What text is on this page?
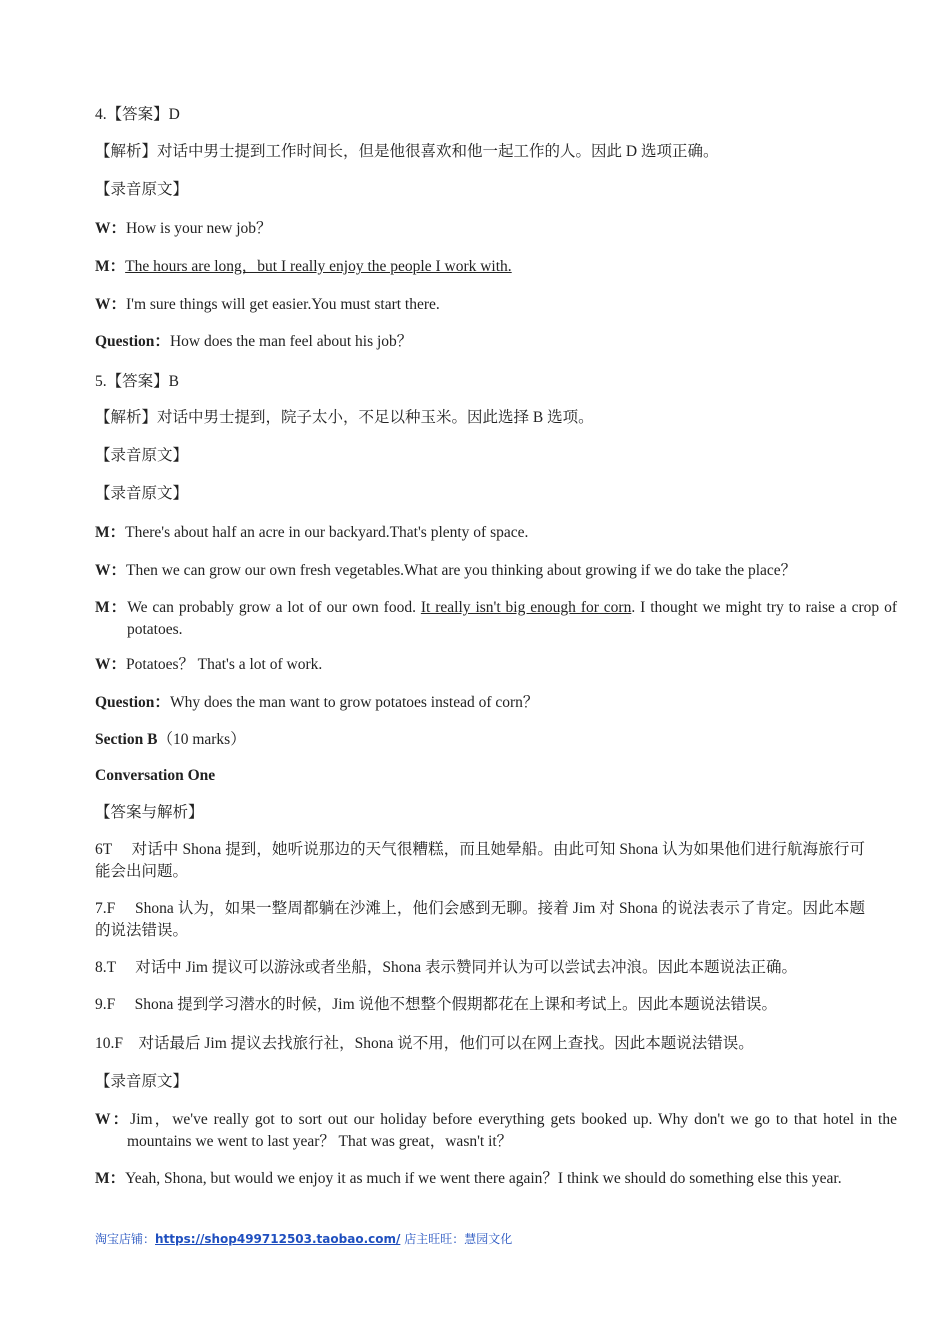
4.【答案】D

【解析】对话中男士提到工作时间长，但是他很喜欢和他一起工作的人。因此 D 选项正确。

【录音原文】

W：How is your new job？

M：The hours are long，but I really enjoy the people I work with.

W：I'm sure things will get easier.You must start there.

Question：How does the man feel about his job？

5.【答案】B

【解析】对话中男士提到，院子太小，不足以种玉米。因此选择 B 选项。

【录音原文】

【录音原文】

M：There's about half an acre in our backyard.That's plenty of space.

W：Then we can grow our own fresh vegetables.What are you thinking about growing if we do take the place？

M：We can probably grow a lot of our own food. It really isn't big enough for corn. I thought we might try to raise a crop of potatoes.

W：Potatoes？ That's a lot of work.

Question：Why does the man want to grow potatoes instead of corn？

Section B（10 marks）

Conversation One

【答案与解析】

6T　 对话中 Shona 提到，她听说那边的天气很糟糕，而且她晕船。由此可知 Shona 认为如果他们进行航海旅行可能会出问题。

7.F　 Shona 认为，如果一整周都躺在沙滩上，他们会感到无聊。接着 Jim 对 Shona 的说法表示了肯定。因此本题的说法错误。

8.T　 对话中 Jim 提议可以游泳或者坐船，Shona 表示赞同并认为可以尝试去冲浪。因此本题说法正确。

9.F　 Shona 提到学习潜水的时候，Jim 说他不想整个假期都花在上课和考试上。因此本题说法错误。

10.F　对话最后 Jim 提议去找旅行社，Shona 说不用，他们可以在网上查找。因此本题说法错误。

【录音原文】

W：Jim，we've really got to sort out our holiday before everything gets booked up. Why don't we go to that hotel in the mountains we went to last year？ That was great，wasn't it？

M：Yeah, Shona, but would we enjoy it as much if we went there again？I think we should do something else this year.

淘宝店铺：https://shop499712503.taobao.com/ 店主旺旺：慧园文化
